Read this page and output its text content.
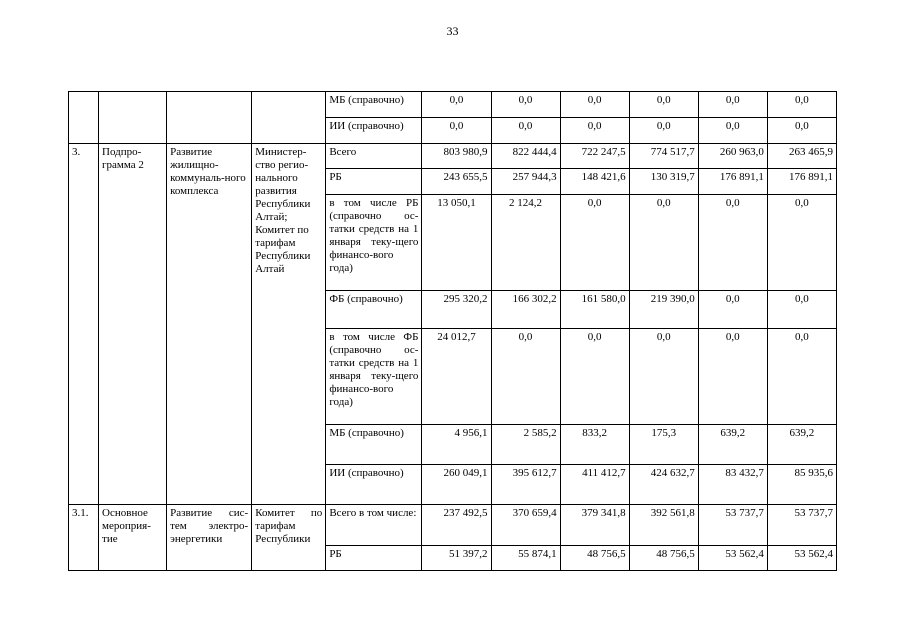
33
				МБ (справочно)	0,0	0,0	0,0	0,0	0,0	0,0
				ИИ (справочно)	0,0	0,0	0,0	0,0	0,0	0,0
3.	Подпро-грамма 2	Развитие жилищно-коммуналь-ного комплекса	Министер-ство регио-нального развития Республики Алтай; Комитет по тарифам Республики Алтай	Всего	803 980,9	822 444,4	722 247,5	774 517,7	260 963,0	263 465,9
				РБ	243 655,5	257 944,3	148 421,6	130 319,7	176 891,1	176 891,1
				в том числе РБ (справочно ос-татки средств на 1 января теку-щего финансо-вого года)	13 050,1	2 124,2	0,0	0,0	0,0	0,0
				ФБ (справочно)	295 320,2	166 302,2	161 580,0	219 390,0	0,0	0,0
				в том числе ФБ (справочно ос-татки средств на 1 января теку-щего финансо-вого года)	24 012,7	0,0	0,0	0,0	0,0	0,0
				МБ (справочно)	4 956,1	2 585,2	833,2	175,3	639,2	639,2
				ИИ (справочно)	260 049,1	395 612,7	411 412,7	424 632,7	83 432,7	85 935,6
3.1.	Основное мероприя-тие	Развитие сис-тем электро-энергетики	Комитет по тарифам Республики	Всего в том числе:	237 492,5	370 659,4	379 341,8	392 561,8	53 737,7	53 737,7
				РБ	51 397,2	55 874,1	48 756,5	48 756,5	53 562,4	53 562,4
